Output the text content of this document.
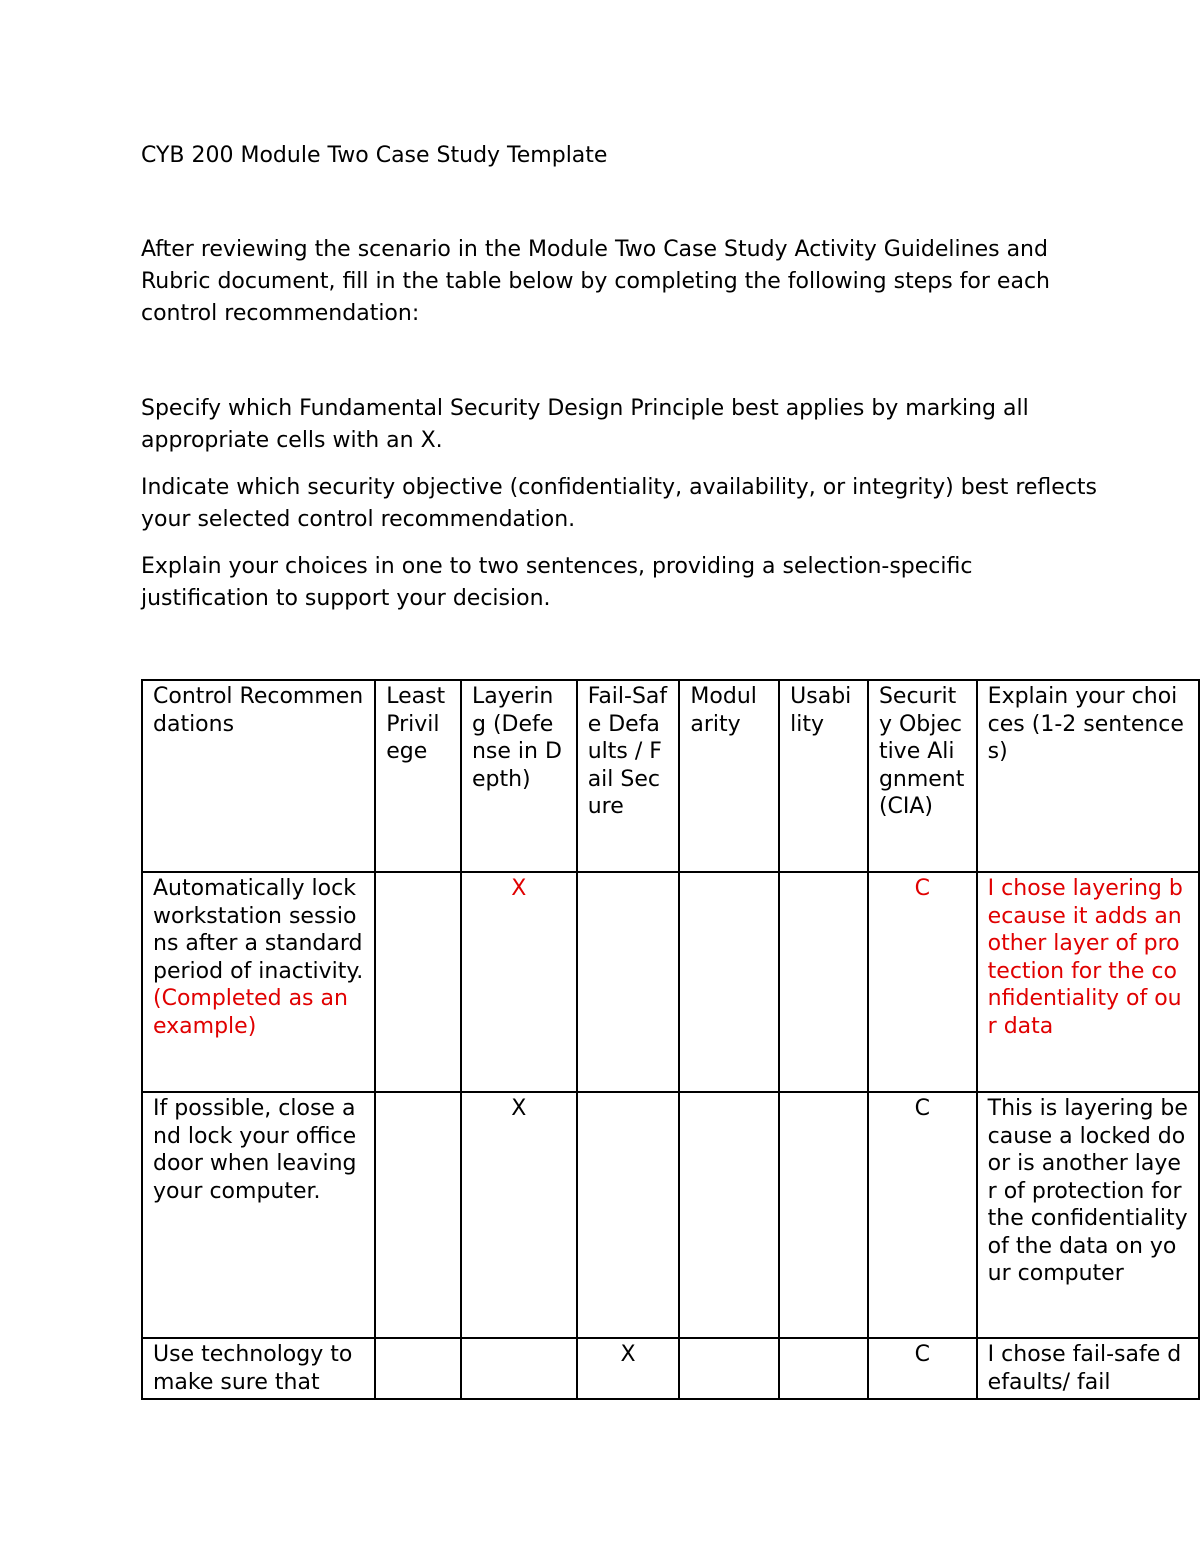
CYB 200 Module Two Case Study Template

After reviewing the scenario in the Module Two Case Study Activity Guidelines and Rubric document, fill in the table below by completing the following steps for each control recommendation:

Specify which Fundamental Security Design Principle best applies by marking all appropriate cells with an X.

Indicate which security objective (confidentiality, availability, or integrity) best reflects your selected control recommendation.

Explain your choices in one to two sentences, providing a selection-specific justification to support your decision.

Control Recommendations	Least Privilege	Layering (Defense in Depth)	Fail-Safe Defaults / Fail Secure	Modularity	Usability	Security Objective Alignment (CIA)	Explain your choices (1-2 sentences)
Automatically lock workstation sessions after a standard period of inactivity. (Completed as an example)		X				C	I chose layering because it adds another layer of protection for the confidentiality of our data
If possible, close and lock your office door when leaving your computer.		X				C	This is layering because a locked door is another layer of protection for the confidentiality of the data on your computer
Use technology to make sure that			X			C	I chose fail-safe defaults/ fail
